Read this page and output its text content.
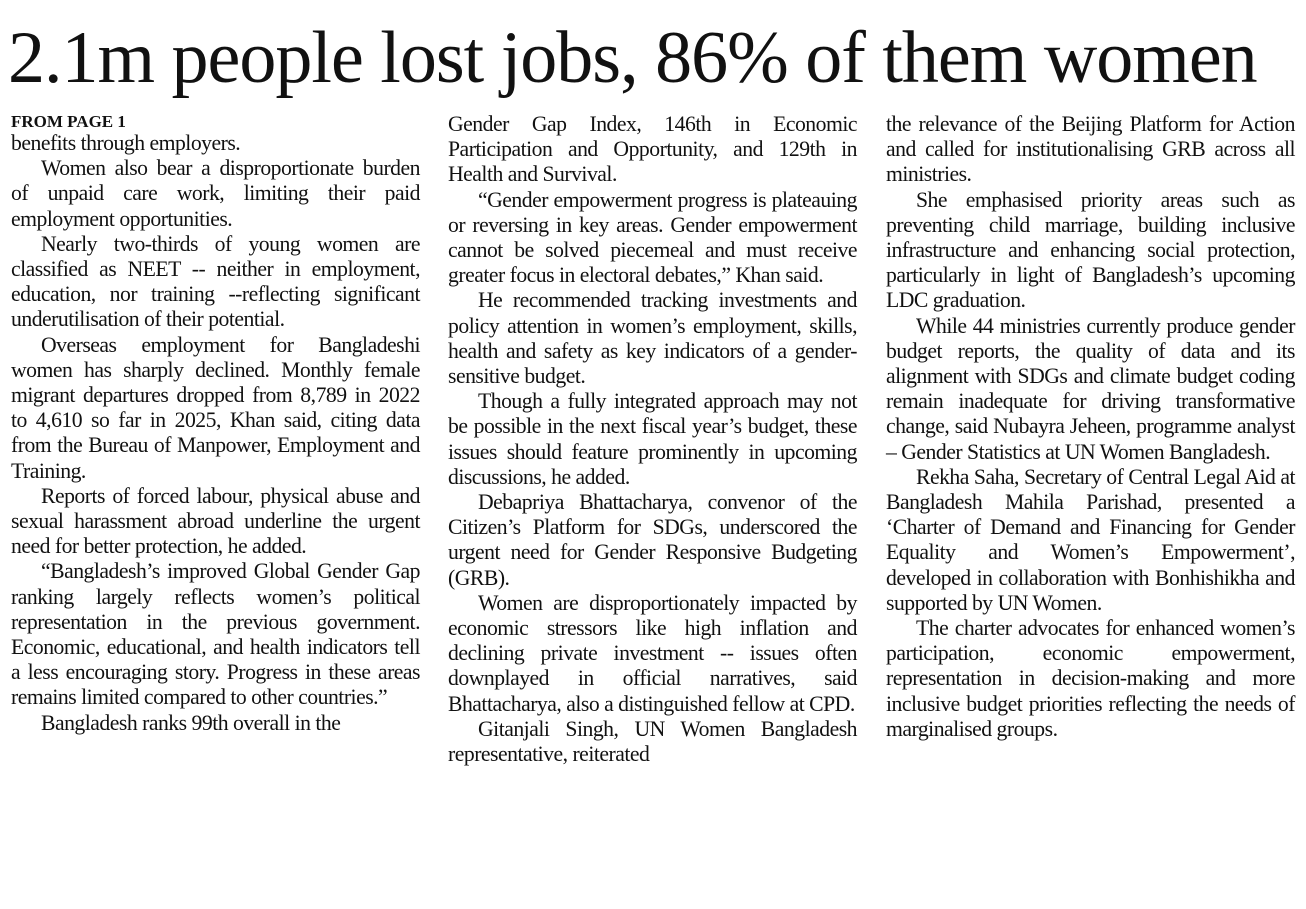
2.1m people lost jobs, 86% of them women
FROM PAGE 1

benefits through employers.

Women also bear a disproportionate burden of unpaid care work, limiting their paid employment opportunities.

Nearly two-thirds of young women are classified as NEET -- neither in employment, education, nor training --reflecting significant underutilisation of their potential.

Overseas employment for Bangladeshi women has sharply declined. Monthly female migrant departures dropped from 8,789 in 2022 to 4,610 so far in 2025, Khan said, citing data from the Bureau of Manpower, Employment and Training.

Reports of forced labour, physical abuse and sexual harassment abroad underline the urgent need for better protection, he added.

“Bangladesh’s improved Global Gender Gap ranking largely reflects women’s political representation in the previous government. Economic, educational, and health indicators tell a less encouraging story. Progress in these areas remains limited compared to other countries.”

Bangladesh ranks 99th overall in the

Gender Gap Index, 146th in Economic Participation and Opportunity, and 129th in Health and Survival.

“Gender empowerment progress is plateauing or reversing in key areas. Gender empowerment cannot be solved piecemeal and must receive greater focus in electoral debates,” Khan said.

He recommended tracking investments and policy attention in women’s employment, skills, health and safety as key indicators of a gender-sensitive budget.

Though a fully integrated approach may not be possible in the next fiscal year’s budget, these issues should feature prominently in upcoming discussions, he added.

Debapriya Bhattacharya, convenor of the Citizen’s Platform for SDGs, underscored the urgent need for Gender Responsive Budgeting (GRB).

Women are disproportionately impacted by economic stressors like high inflation and declining private investment -- issues often downplayed in official narratives, said Bhattacharya, also a distinguished fellow at CPD.

Gitanjali Singh, UN Women Bangladesh representative, reiterated

the relevance of the Beijing Platform for Action and called for institutionalising GRB across all ministries.

She emphasised priority areas such as preventing child marriage, building inclusive infrastructure and enhancing social protection, particularly in light of Bangladesh’s upcoming LDC graduation.

While 44 ministries currently produce gender budget reports, the quality of data and its alignment with SDGs and climate budget coding remain inadequate for driving transformative change, said Nubayra Jeheen, programme analyst – Gender Statistics at UN Women Bangladesh.

Rekha Saha, Secretary of Central Legal Aid at Bangladesh Mahila Parishad, presented a ‘Charter of Demand and Financing for Gender Equality and Women’s Empowerment’, developed in collaboration with Bonhishikha and supported by UN Women.

The charter advocates for enhanced women’s participation, economic empowerment, representation in decision-making and more inclusive budget priorities reflecting the needs of marginalised groups.
